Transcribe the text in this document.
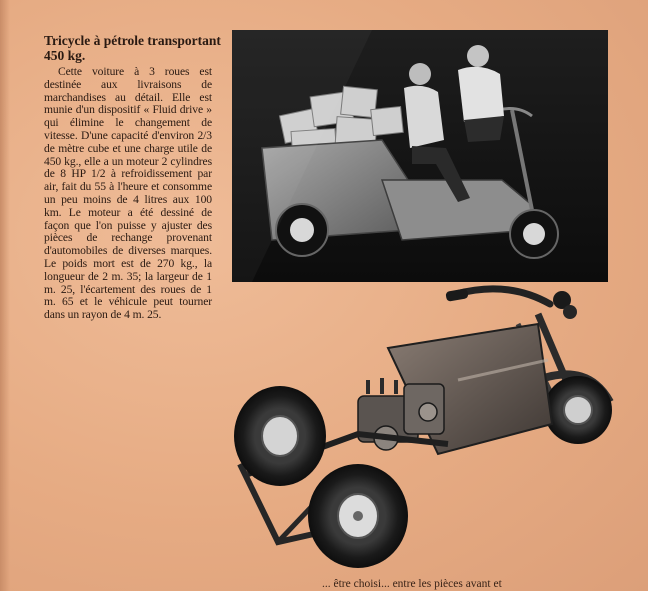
Tricycle à pétrole transportant 450 kg.

Cette voiture à 3 roues est destinée aux livraisons de marchandises au détail. Elle est munie d'un dispositif « Fluid drive » qui élimine le changement de vitesse. D'une capacité d'environ 2/3 de mètre cube et une charge utile de 450 kg., elle a un moteur 2 cylindres de 8 HP 1/2 à refroidissement par air, fait du 55 à l'heure et consomme un peu moins de 4 litres aux 100 km. Le moteur a été dessiné de façon que l'on puisse y ajuster des pièces de rechange provenant d'automobiles de diverses marques. Le poids mort est de 270 kg., la longueur de 2 m. 35; la largeur de 1 m. 25, l'écartement des roues de 1 m. 65 et le véhicule peut tourner dans un rayon de 4 m. 25.

... être choisi... entre les pièces avant et
